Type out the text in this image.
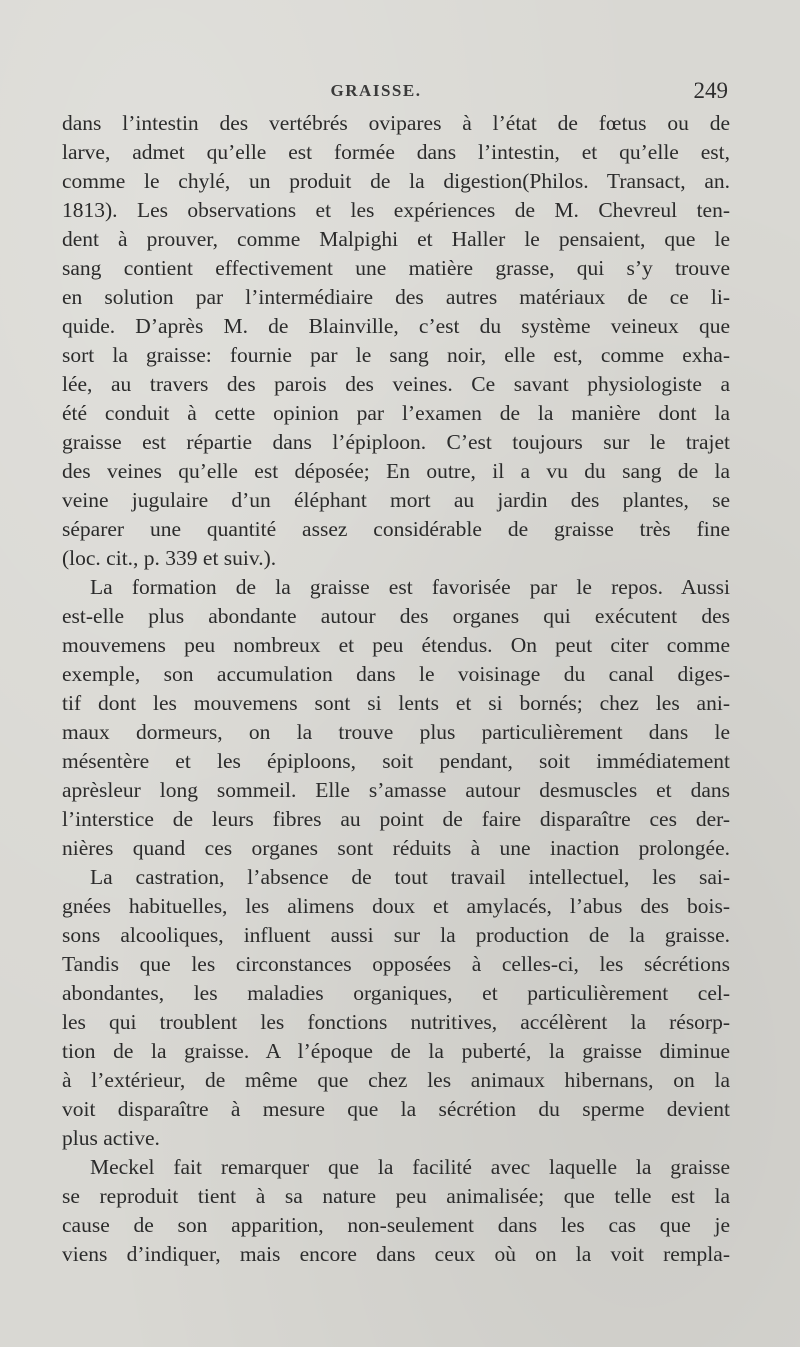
GRAISSE.	249
dans l’intestin des vertébrés ovipares à l’état de fœtus ou de
larve, admet qu’elle est formée dans l’intestin, et qu’elle est,
comme le chylé, un produit de la digestion(Philos. Transact, an.
1813). Les observations et les expériences de M. Chevreul ten-
dent à prouver, comme Malpighi et Haller le pensaient, que le
sang contient effectivement une matière grasse, qui s’y trouve
en solution par l’intermédiaire des autres matériaux de ce li-
quide. D’après M. de Blainville, c’est du système veineux que
sort la graisse: fournie par le sang noir, elle est, comme exha-
lée, au travers des parois des veines. Ce savant physiologiste a
été conduit à cette opinion par l’examen de la manière dont la
graisse est répartie dans l’épiploon. C’est toujours sur le trajet
des veines qu’elle est déposée; En outre, il a vu du sang de la
veine jugulaire d’un éléphant mort au jardin des plantes, se
séparer une quantité assez considérable de graisse très fine
(loc. cit., p. 339 et suiv.).
La formation de la graisse est favorisée par le repos. Aussi
est-elle plus abondante autour des organes qui exécutent des
mouvemens peu nombreux et peu étendus. On peut citer comme
exemple, son accumulation dans le voisinage du canal diges-
tif dont les mouvemens sont si lents et si bornés; chez les ani-
maux dormeurs, on la trouve plus particulièrement dans le
mésentère et les épiploons, soit pendant, soit immédiatement
aprèsleur long sommeil. Elle s’amasse autour desmuscles et dans
l’interstice de leurs fibres au point de faire disparaître ces der-
nières quand ces organes sont réduits à une inaction prolongée.
La castration, l’absence de tout travail intellectuel, les sai-
gnées habituelles, les alimens doux et amylacés, l’abus des bois-
sons alcooliques, influent aussi sur la production de la graisse.
Tandis que les circonstances opposées à celles-ci, les sécrétions
abondantes, les maladies organiques, et particulièrement cel-
les qui troublent les fonctions nutritives, accélèrent la résorp-
tion de la graisse. A l’époque de la puberté, la graisse diminue
à l’extérieur, de même que chez les animaux hibernans, on la
voit disparaître à mesure que la sécrétion du sperme devient
plus active.
Meckel fait remarquer que la facilité avec laquelle la graisse
se reproduit tient à sa nature peu animalisée; que telle est la
cause de son apparition, non-seulement dans les cas que je
viens d’indiquer, mais encore dans ceux où on la voit rempla-
